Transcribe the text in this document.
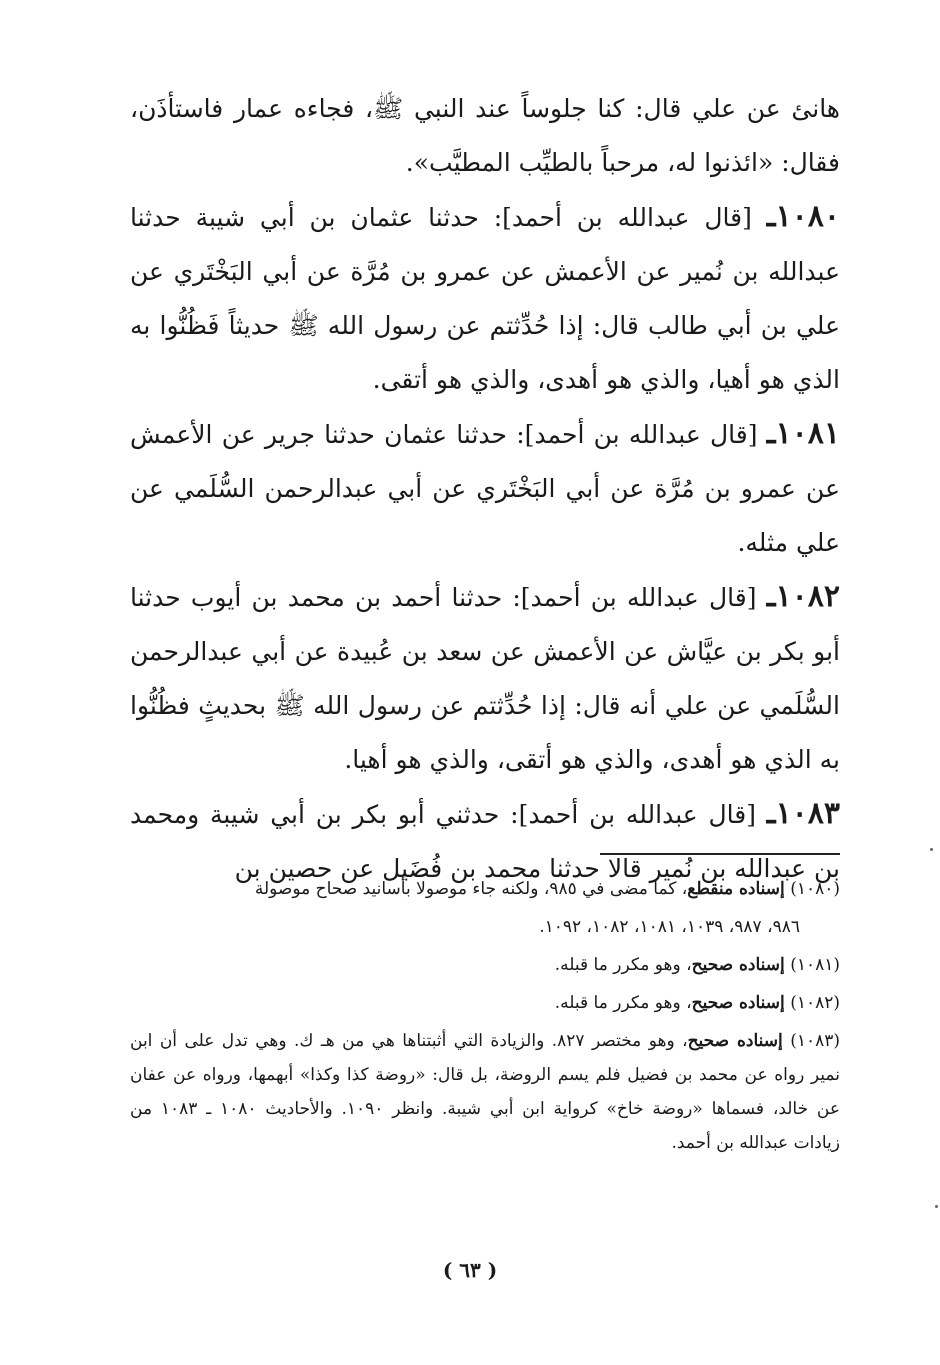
هانئ عن علي قال: كنا جلوساً عند النبي ﷺ، فجاءه عمار فاستأذَن، فقال: «ائذنوا له، مرحباً بالطيِّب المطيَّب».

١٠٨٠ـ [قال عبدالله بن أحمد]: حدثنا عثمان بن أبي شيبة حدثنا عبدالله بن نُمير عن الأعمش عن عمرو بن مُرَّة عن أبي البَخْتَري عن علي بن أبي طالب قال: إذا حُدِّثتم عن رسول الله ﷺ حديثاً فَظُنُّوا به الذي هو أهيا، والذي هو أهدى، والذي هو أتقى.

١٠٨١ـ [قال عبدالله بن أحمد]: حدثنا عثمان حدثنا جرير عن الأعمش عن عمرو بن مُرَّة عن أبي البَخْتَري عن أبي عبدالرحمن السُّلَمي عن علي مثله.

١٠٨٢ـ [قال عبدالله بن أحمد]: حدثنا أحمد بن محمد بن أيوب حدثنا أبو بكر بن عيَّاش عن الأعمش عن سعد بن عُبيدة عن أبي عبدالرحمن السُّلَمي عن علي أنه قال: إذا حُدِّثتم عن رسول الله ﷺ بحديثٍ فظُنُّوا به الذي هو أهدى، والذي هو أتقى، والذي هو أهيا.

١٠٨٣ـ [قال عبدالله بن أحمد]: حدثني أبو بكر بن أبي شيبة ومحمد بن عبدالله بن نُمير قالا حدثنا محمد بن فُضَيل عن حصين بن

(١٠٨٠) إسناده منقطع، كما مضى في ٩٨٥، ولكنه جاء موصولا بأسانيد صحاح موصولة

٩٨٦، ٩٨٧، ١٠٣٩، ١٠٨١، ١٠٨٢، ١٠٩٢.

(١٠٨١) إسناده صحيح، وهو مكرر ما قبله.

(١٠٨٢) إسناده صحيح، وهو مكرر ما قبله.

(١٠٨٣) إسناده صحيح، وهو مختصر ٨٢٧. والزيادة التي أثبتناها هي من هـ ك. وهي تدل على أن ابن نمير رواه عن محمد بن فضيل فلم يسم الروضة، بل قال: «روضة كذا وكذا» أبهمها، ورواه عن عفان عن خالد، فسماها «روضة خاخ» كرواية ابن أبي شيبة. وانظر ١٠٩٠. والأحاديث ١٠٨٠ ـ ١٠٨٣ من زيادات عبدالله بن أحمد.

( ٦٣ )
